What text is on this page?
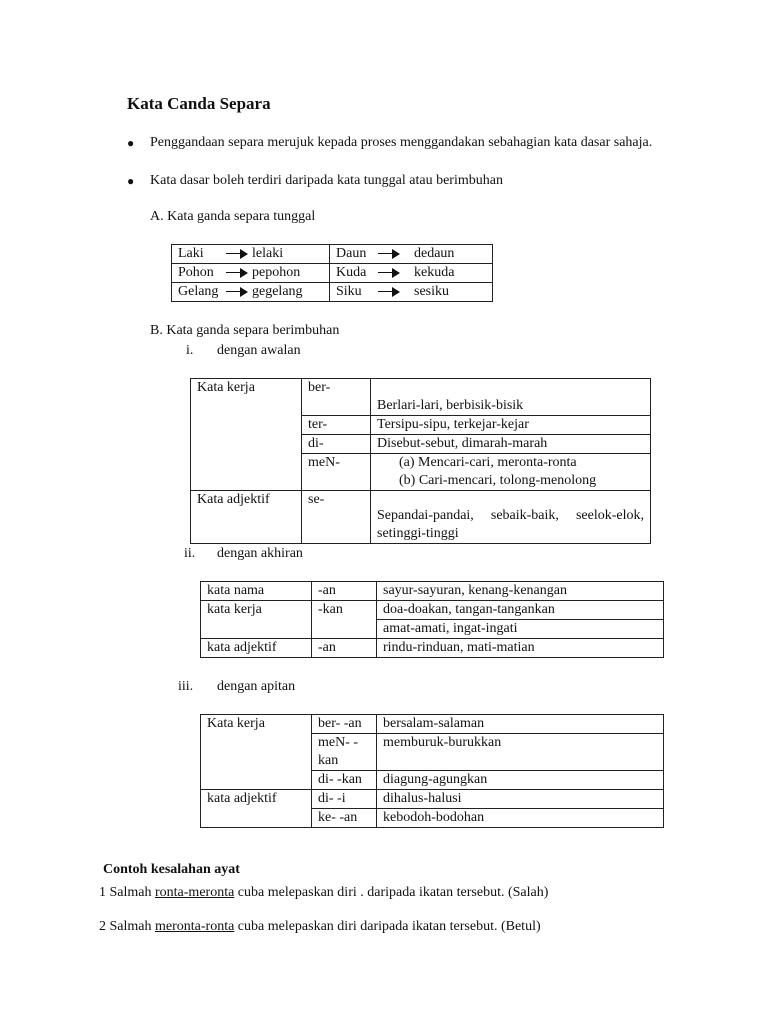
Kata Canda Separa
● Penggandaan separa merujuk kepada proses menggandakan sebahagian kata dasar sahaja.
● Kata dasar boleh terdiri daripada kata tunggal atau berimbuhan
A. Kata ganda separa tunggal
Laki lelaki	Daun dedaun
Pohon pepohon	Kuda kekuda
Gelang gegelang	Siku sesiku
B. Kata ganda separa berimbuhan
i. dengan awalan
Kata kerja	ber-	Berlari-lari, berbisik-bisik
	ter-	Tersipu-sipu, terkejar-kejar
	di-	Disebut-sebut, dimarah-marah
	meN-	(a) Mencari-cari, meronta-ronta
(b) Cari-mencari, tolong-menolong

Kata adjektif	se-	Sepandai-pandai, sebaik-baik, seelok-elok, setinggi-tinggi
ii. dengan akhiran
kata nama	-an	sayur-sayuran, kenang-kenangan
kata kerja	-kan	doa-doakan, tangan-tangankan
		amat-amati, ingat-ingati
kata adjektif	-an	rindu-rinduan, mati-matian
iii. dengan apitan
Kata kerja	ber- -an	bersalam-salaman
	meN- -kan	memburuk-burukkan
	di- -kan	diagung-agungkan
kata adjektif	di- -i	dihalus-halusi
	ke- -an	kebodoh-bodohan
Contoh kesalahan ayat
1 Salmah ronta-meronta cuba melepaskan diri . daripada ikatan tersebut. (Salah)
2 Salmah meronta-ronta cuba melepaskan diri daripada ikatan tersebut. (Betul)
